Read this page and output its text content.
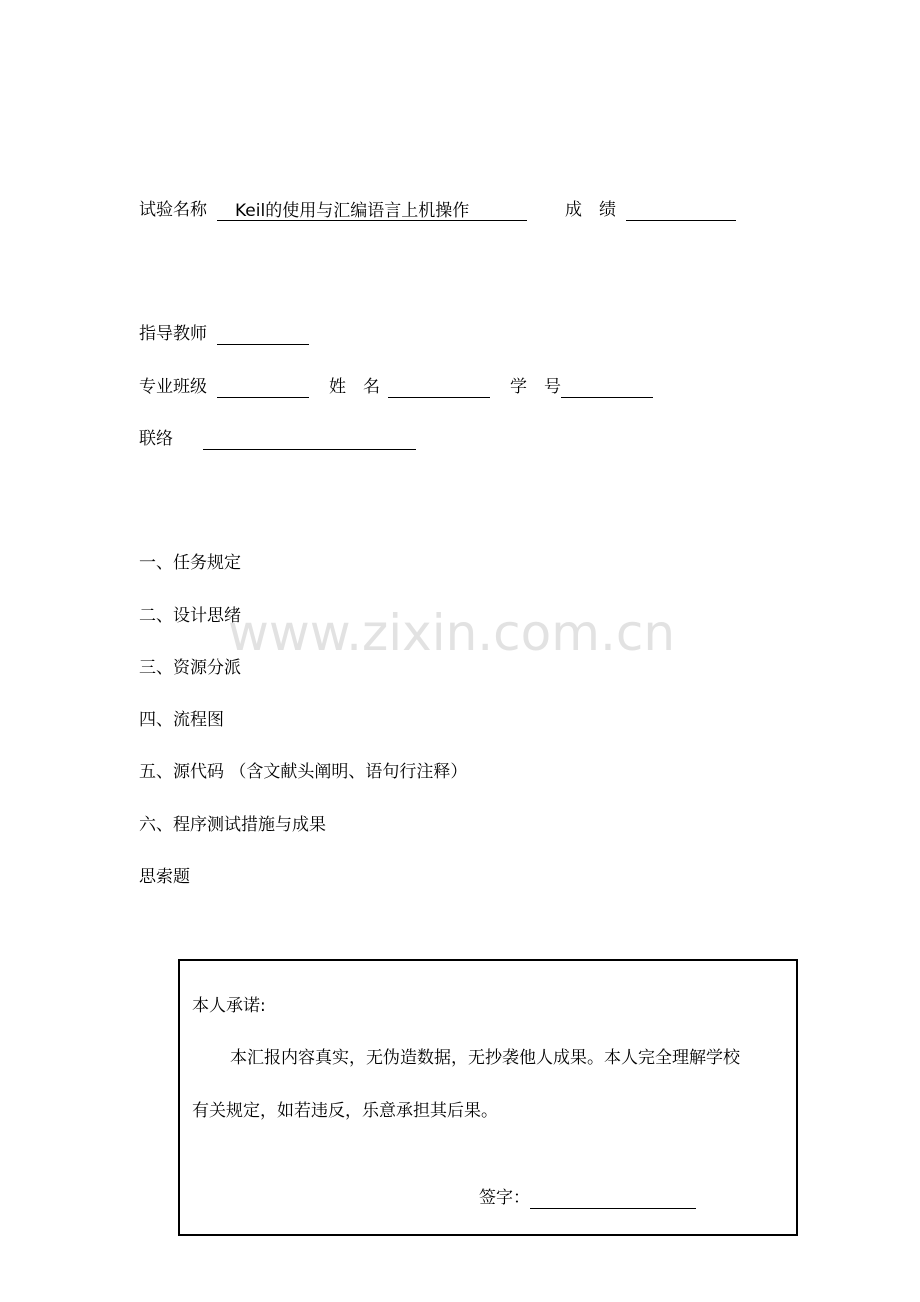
试验名称 Keil的使用与汇编语言上机操作	成　绩
指导教师
专业班级	姓　名	学　号
联络
一、任务规定
二、设计思绪
三、资源分派
四、流程图
五、源代码 （含文献头阐明、语句行注释）
六、程序测试措施与成果
思索题
www.zixin.com.cn
本人承诺:
本汇报内容真实，无伪造数据，无抄袭他人成果。本人完全理解学校
有关规定，如若违反，乐意承担其后果。
签字：
